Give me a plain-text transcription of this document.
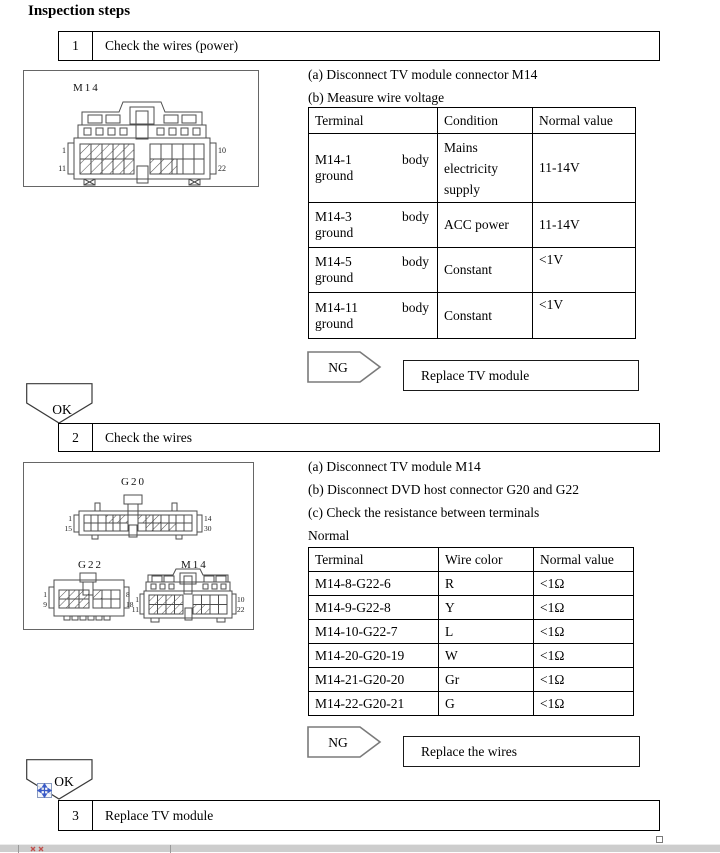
Inspection steps
1	Check the wires (power)
M14
1
11
10
22

(a) Disconnect TV module connector M14

(b) Measure wire voltage

Terminal	Condition	Normal value

M14-1 body
ground	Mains electricity supply	11-14V

M14-3 body
ground	ACC power	11-14V

M14-5 body
ground	Constant	<1V

M14-11 body
ground	Constant	<1V
NG	Replace TV module
OK
2	Check the wires
G20
1
15
14
30
G22
1
9
8
18
M14
1
11
10
22

(a) Disconnect TV module M14

(b) Disconnect DVD host connector G20 and G22

(c) Check the resistance between terminals

Normal

Terminal	Wire color	Normal value
M14-8-G22-6	R	<1Ω
M14-9-G22-8	Y	<1Ω
M14-10-G22-7	L	<1Ω
M14-20-G20-19	W	<1Ω
M14-21-G20-20	Gr	<1Ω
M14-22-G20-21	G	<1Ω
NG
Replace the wires
OK
3	Replace TV module
